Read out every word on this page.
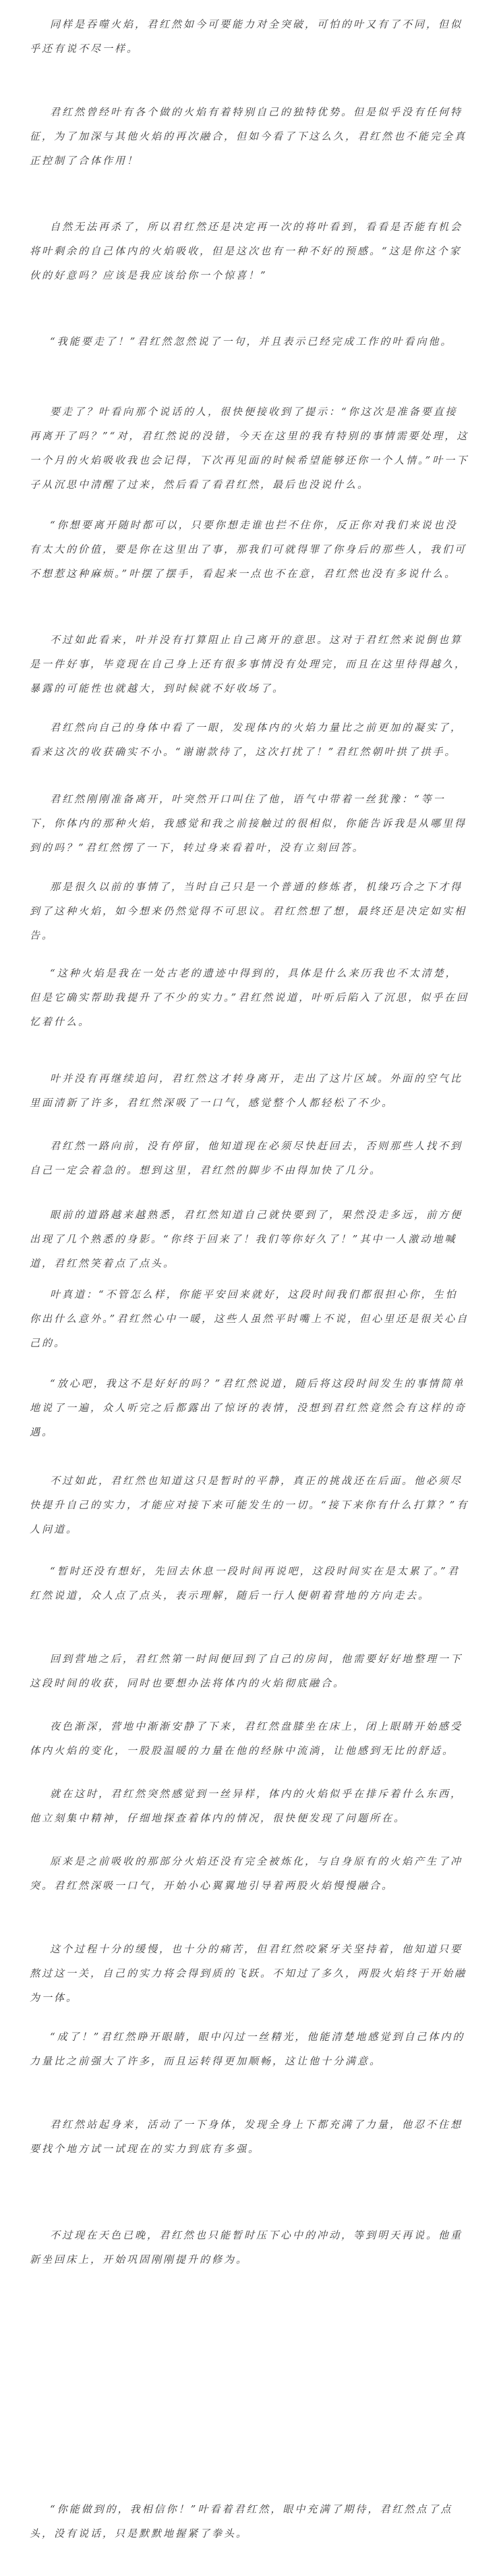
同样是吞噬火焰，君红然如今可要能力对全突破，可怕的叶又有了不同，但似乎还有说不尽一样。

君红然曾经叶有各个做的火焰有着特别自己的独特优势。但是似乎没有任何特征，为了加深与其他火焰的再次融合，但如今看了下这么久，君红然也不能完全真正控制了合体作用！

自然无法再杀了，所以君红然还是决定再一次的将叶看到，看看是否能有机会将叶剩余的自己体内的火焰吸收，但是这次也有一种不好的预感。“这是你这个家伙的好意吗？应该是我应该给你一个惊喜！”

“我能要走了！”君红然忽然说了一句，并且表示已经完成工作的叶看向他。

要走了？叶看向那个说话的人，很快便接收到了提示：“你这次是准备要直接再离开了吗？”“对，君红然说的没错，今天在这里的我有特别的事情需要处理，这一个月的火焰吸收我也会记得，下次再见面的时候希望能够还你一个人情。”叶一下子从沉思中清醒了过来，然后看了看君红然，最后也没说什么。

“你想要离开随时都可以，只要你想走谁也拦不住你，反正你对我们来说也没有太大的价值，要是你在这里出了事，那我们可就得罪了你身后的那些人，我们可不想惹这种麻烦。”叶摆了摆手，看起来一点也不在意，君红然也没有多说什么。

不过如此看来，叶并没有打算阻止自己离开的意思。这对于君红然来说倒也算是一件好事，毕竟现在自己身上还有很多事情没有处理完，而且在这里待得越久，暴露的可能性也就越大，到时候就不好收场了。

君红然向自己的身体中看了一眼，发现体内的火焰力量比之前更加的凝实了，看来这次的收获确实不小。“谢谢款待了，这次打扰了！”君红然朝叶拱了拱手。

君红然刚刚准备离开，叶突然开口叫住了他，语气中带着一丝犹豫：“等一下，你体内的那种火焰，我感觉和我之前接触过的很相似，你能告诉我是从哪里得到的吗？”君红然愣了一下，转过身来看着叶，没有立刻回答。

那是很久以前的事情了，当时自己只是一个普通的修炼者，机缘巧合之下才得到了这种火焰，如今想来仍然觉得不可思议。君红然想了想，最终还是决定如实相告。

“这种火焰是我在一处古老的遗迹中得到的，具体是什么来历我也不太清楚，但是它确实帮助我提升了不少的实力。”君红然说道，叶听后陷入了沉思，似乎在回忆着什么。

叶并没有再继续追问，君红然这才转身离开，走出了这片区域。外面的空气比里面清新了许多，君红然深吸了一口气，感觉整个人都轻松了不少。

君红然一路向前，没有停留，他知道现在必须尽快赶回去，否则那些人找不到自己一定会着急的。想到这里，君红然的脚步不由得加快了几分。

眼前的道路越来越熟悉，君红然知道自己就快要到了，果然没走多远，前方便出现了几个熟悉的身影。“你终于回来了！我们等你好久了！”其中一人激动地喊道，君红然笑着点了点头。

叶真道：“不管怎么样，你能平安回来就好，这段时间我们都很担心你，生怕你出什么意外。”君红然心中一暖，这些人虽然平时嘴上不说，但心里还是很关心自己的。

“放心吧，我这不是好好的吗？”君红然说道，随后将这段时间发生的事情简单地说了一遍，众人听完之后都露出了惊讶的表情，没想到君红然竟然会有这样的奇遇。

不过如此，君红然也知道这只是暂时的平静，真正的挑战还在后面。他必须尽快提升自己的实力，才能应对接下来可能发生的一切。“接下来你有什么打算？”有人问道。

“暂时还没有想好，先回去休息一段时间再说吧，这段时间实在是太累了。”君红然说道，众人点了点头，表示理解，随后一行人便朝着营地的方向走去。

回到营地之后，君红然第一时间便回到了自己的房间，他需要好好地整理一下这段时间的收获，同时也要想办法将体内的火焰彻底融合。

夜色渐深，营地中渐渐安静了下来，君红然盘膝坐在床上，闭上眼睛开始感受体内火焰的变化，一股股温暖的力量在他的经脉中流淌，让他感到无比的舒适。

就在这时，君红然突然感觉到一丝异样，体内的火焰似乎在排斥着什么东西，他立刻集中精神，仔细地探查着体内的情况，很快便发现了问题所在。

原来是之前吸收的那部分火焰还没有完全被炼化，与自身原有的火焰产生了冲突。君红然深吸一口气，开始小心翼翼地引导着两股火焰慢慢融合。

这个过程十分的缓慢，也十分的痛苦，但君红然咬紧牙关坚持着，他知道只要熬过这一关，自己的实力将会得到质的飞跃。不知过了多久，两股火焰终于开始融为一体。

“成了！”君红然睁开眼睛，眼中闪过一丝精光，他能清楚地感觉到自己体内的力量比之前强大了许多，而且运转得更加顺畅，这让他十分满意。

君红然站起身来，活动了一下身体，发现全身上下都充满了力量，他忍不住想要找个地方试一试现在的实力到底有多强。

不过现在天色已晚，君红然也只能暂时压下心中的冲动，等到明天再说。他重新坐回床上，开始巩固刚刚提升的修为。

“你能做到的，我相信你！”叶看着君红然，眼中充满了期待，君红然点了点头，没有说话，只是默默地握紧了拳头。
